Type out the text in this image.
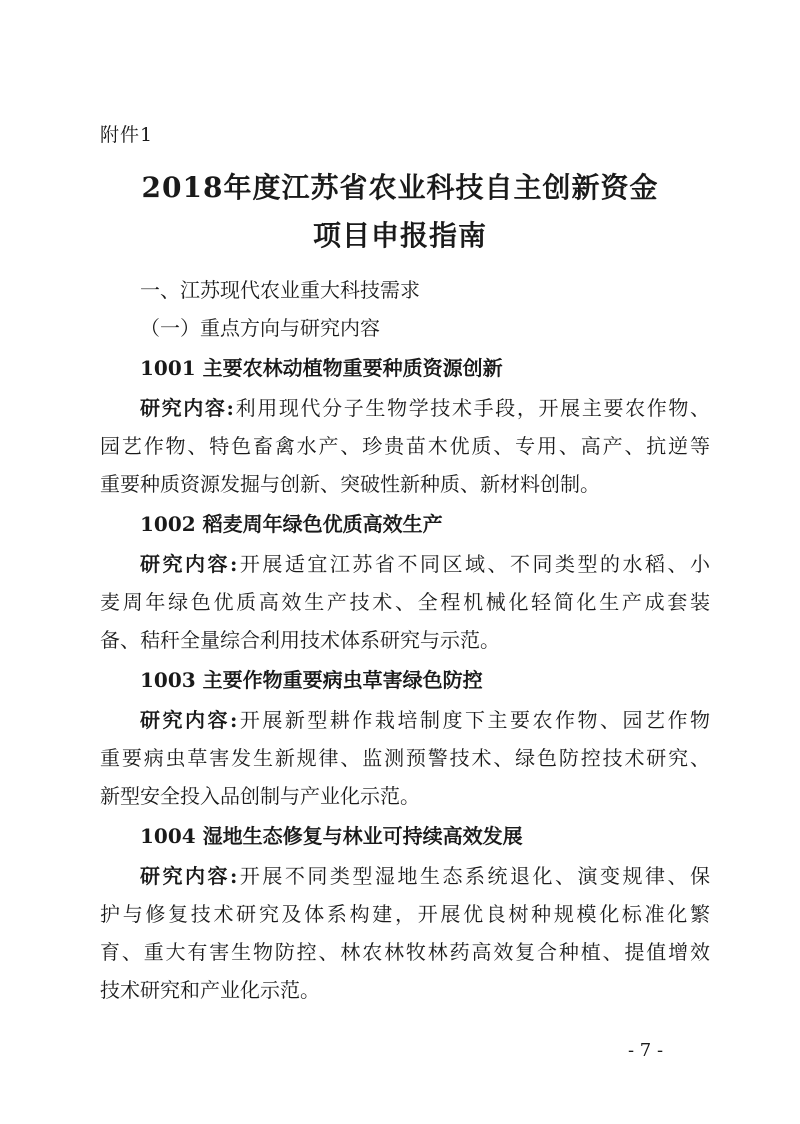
附件1
2018年度江苏省农业科技自主创新资金
项目申报指南
一、江苏现代农业重大科技需求
（一）重点方向与研究内容
1001 主要农林动植物重要种质资源创新
研究内容:利用现代分子生物学技术手段，开展主要农作物、
园艺作物、特色畜禽水产、珍贵苗木优质、专用、高产、抗逆等
重要种质资源发掘与创新、突破性新种质、新材料创制。
1002 稻麦周年绿色优质高效生产
研究内容:开展适宜江苏省不同区域、不同类型的水稻、小
麦周年绿色优质高效生产技术、全程机械化轻简化生产成套装
备、秸秆全量综合利用技术体系研究与示范。
1003 主要作物重要病虫草害绿色防控
研究内容:开展新型耕作栽培制度下主要农作物、园艺作物
重要病虫草害发生新规律、监测预警技术、绿色防控技术研究、
新型安全投入品创制与产业化示范。
1004 湿地生态修复与林业可持续高效发展
研究内容:开展不同类型湿地生态系统退化、演变规律、保
护与修复技术研究及体系构建，开展优良树种规模化标准化繁
育、重大有害生物防控、林农林牧林药高效复合种植、提值增效
技术研究和产业化示范。
- 7 -
